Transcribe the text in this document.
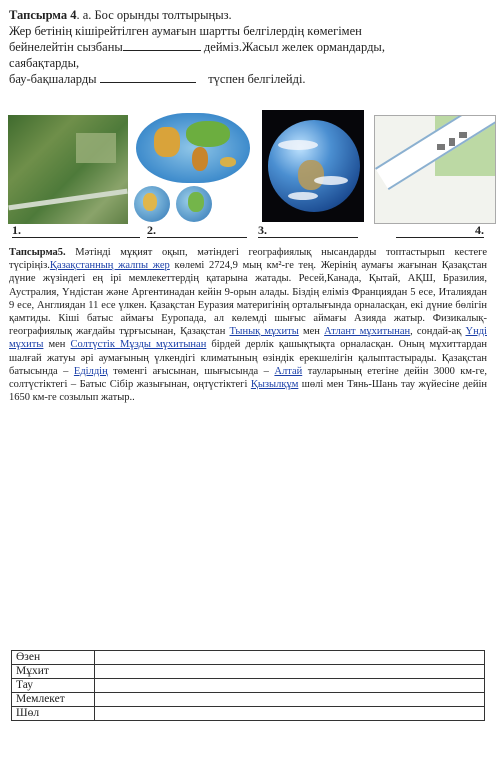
Тапсырма 4. а. Бос орынды толтырыңыз.
Жер бетінің кішірейтілген аумағын шартты белгілердің көмегімен
бейнелейтін сызбаны	дейміз.Жасыл желек ормандарды,
саябақтарды,
бау-бақшаларды	түспен белгілейді.
1.	2.	3.	4.
Тапсырма5. Мәтінді мұқият оқып, мәтіндегі географиялық нысандарды топтастырып кестеге түсіріңіз.Қазақстанның жалпы жер көлемі 2724,9 мың км²-ге тең. Жерінің аумағы жағынан Қазақстан дүние жүзіндегі ең ірі мемлекеттердің қатарына жатады. Ресей,Канада, Қытай, АҚШ, Бразилия, Аустралия, Үндістан және Аргентинадан кейін 9-орын алады. Біздің еліміз Франциядан 5 есе, Италиядан 9 есе, Англиядан 11 есе үлкен. Қазақстан Еуразия материгінің орталығында орналасқан, екі дүние бөлігін қамтиды. Кіші батыс аймағы Еуропада, ал көлемді шығыс аймағы Азияда жатыр. Физикалық-географиялық жағдайы тұрғысынан, Қазақстан Тынық мұхиты мен Атлант мұхитынан, сондай-ақ Үнді мұхиты мен Солтүстік Мұзды мұхитынан бірдей дерлік қашықтықта орналасқан. Оның мұхиттардан шалғай жатуы әрі аумағының үлкендігі климатының өзіндік ерекшелігін қалыптастырады. Қазақстан батысында – Еділдің төменгі ағысынан, шығысында – Алтай тауларының етегіне дейін 3000 км-ге, солтүстіктегі – Батыс Сібір жазығынан, оңтүстіктегі Қызылқұм шөлі мен Тянь-Шань тау жүйесіне дейін 1650 км-ге созылып жатыр..
Өзен	
Мұхит	
Тау	
Мемлекет	
Шөл	
